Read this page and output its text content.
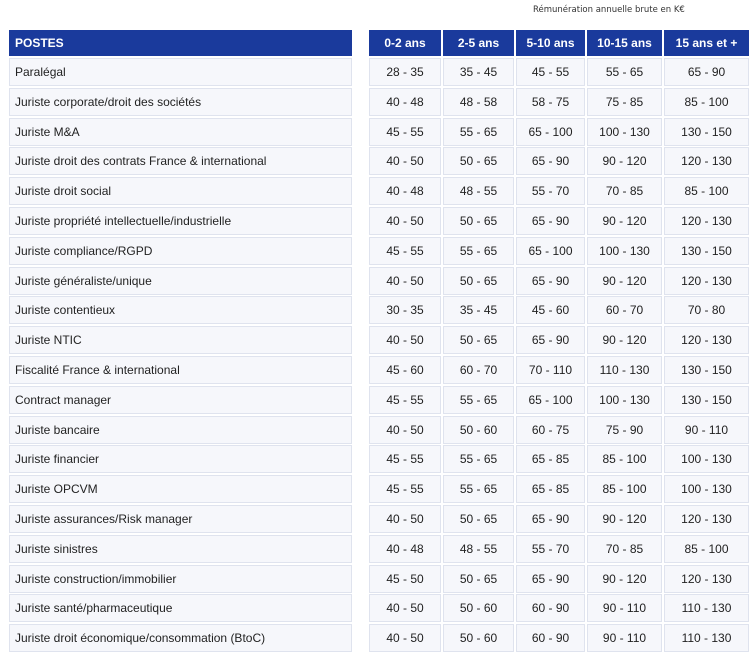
Rémunération annuelle brute en K€
POSTES	0-2 ans	2-5 ans	5-10 ans	10-15 ans	15 ans et +
Paralégal	28 - 35	35 - 45	45 - 55	55 - 65	65 - 90
Juriste corporate/droit des sociétés	40 - 48	48 - 58	58 - 75	75 - 85	85 - 100
Juriste M&A	45 - 55	55 - 65	65 - 100	100 - 130	130 - 150
Juriste droit des contrats France & international	40 - 50	50 - 65	65 - 90	90 - 120	120 - 130
Juriste droit social	40 - 48	48 - 55	55 - 70	70 - 85	85 - 100
Juriste propriété intellectuelle/industrielle	40 - 50	50 - 65	65 - 90	90 - 120	120 - 130
Juriste compliance/RGPD	45 - 55	55 - 65	65 - 100	100 - 130	130 - 150
Juriste généraliste/unique	40 - 50	50 - 65	65 - 90	90 - 120	120 - 130
Juriste contentieux	30 - 35	35 - 45	45 - 60	60 - 70	70 - 80
Juriste NTIC	40 - 50	50 - 65	65 - 90	90 - 120	120 - 130
Fiscalité France & international	45 - 60	60 - 70	70 - 110	110 - 130	130 - 150
Contract manager	45 - 55	55 - 65	65 - 100	100 - 130	130 - 150
Juriste bancaire	40 - 50	50 - 60	60 - 75	75 - 90	90 - 110
Juriste financier	45 - 55	55 - 65	65 - 85	85 - 100	100 - 130
Juriste OPCVM	45 - 55	55 - 65	65 - 85	85 - 100	100 - 130
Juriste assurances/Risk manager	40 - 50	50 - 65	65 - 90	90 - 120	120 - 130
Juriste sinistres	40 - 48	48 - 55	55 - 70	70 - 85	85 - 100
Juriste construction/immobilier	45 - 50	50 - 65	65 - 90	90 - 120	120 - 130
Juriste santé/pharmaceutique	40 - 50	50 - 60	60 - 90	90 - 110	110 - 130
Juriste droit économique/consommation (BtoC)	40 - 50	50 - 60	60 - 90	90 - 110	110 - 130
